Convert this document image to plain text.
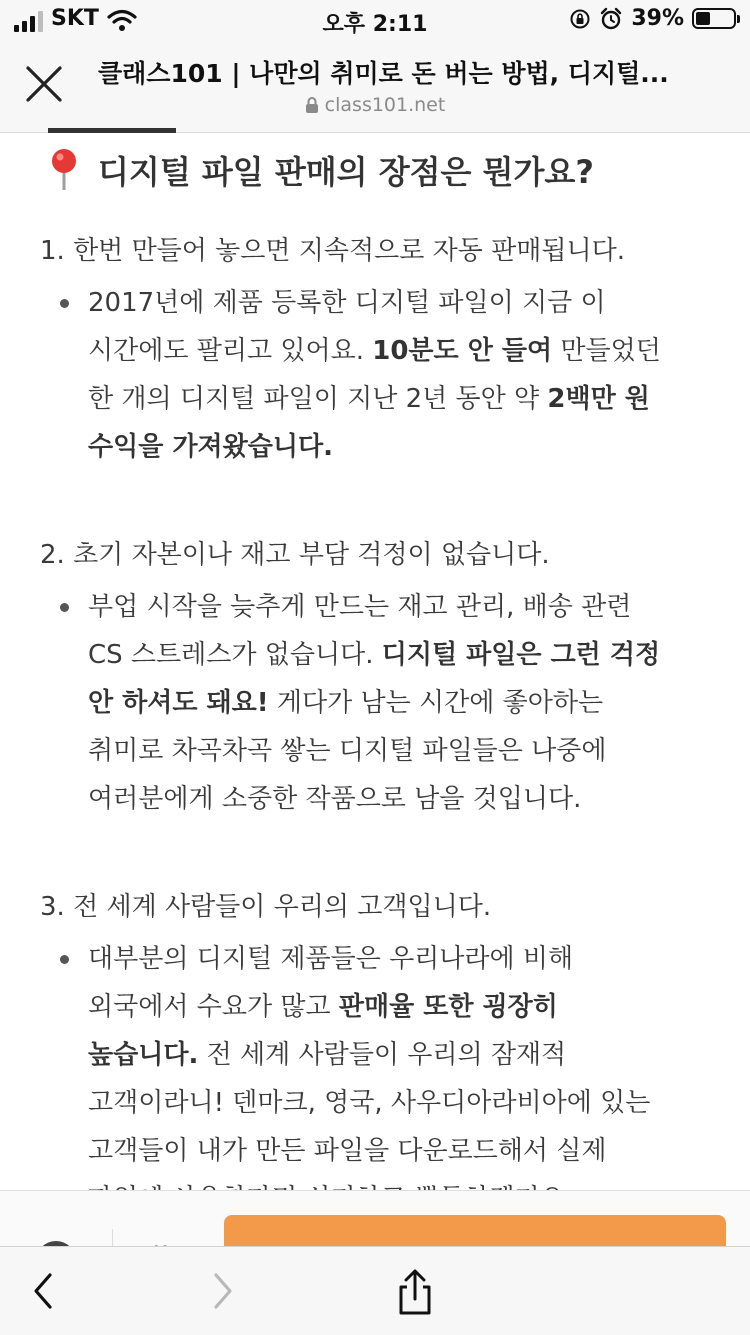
SKT	오후 2:11	39%
클래스101 | 나만의 취미로 돈 버는 방법, 디지털...
class101.net
디지털 파일 판매의 장점은 뭔가요?
1. 한번 만들어 놓으면 지속적으로 자동 판매됩니다.
2017년에 제품 등록한 디지털 파일이 지금 이
시간에도 팔리고 있어요. 10분도 안 들여 만들었던
한 개의 디지털 파일이 지난 2년 동안 약 2백만 원
수익을 가져왔습니다.
2. 초기 자본이나 재고 부담 걱정이 없습니다.
부업 시작을 늦추게 만드는 재고 관리, 배송 관련
CS 스트레스가 없습니다. 디지털 파일은 그런 걱정
안 하셔도 돼요! 게다가 남는 시간에 좋아하는
취미로 차곡차곡 쌓는 디지털 파일들은 나중에
여러분에게 소중한 작품으로 남을 것입니다.
3. 전 세계 사람들이 우리의 고객입니다.
대부분의 디지털 제품들은 우리나라에 비해
외국에서 수요가 많고 판매율 또한 굉장히
높습니다. 전 세계 사람들이 우리의 잠재적
고객이라니! 덴마크, 영국, 사우디아라비아에 있는
고객들이 내가 만든 파일을 다운로드해서 실제
